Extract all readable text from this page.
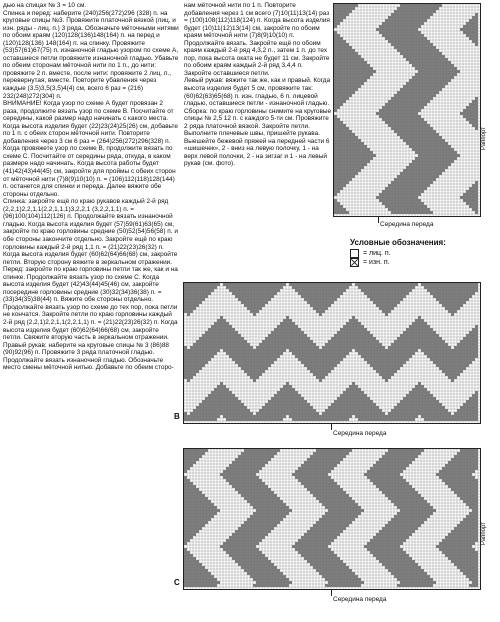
дью на спицах № 3 = 10 см.

Спинка и перед: наберите (240)256(272)296 (328) п. на круговые спицы №3. Провяжите платочной вязкой (лиц. и изн. ряды - лиц. п.) 3 ряда. Обозначьте мёточными нитями по обоим краям (120)128(136)148(164) п. на перед и (120)128(136) 148(164) п. на спинку. Провяжите (53)57(61)67(75) п. изнаночной гладью узором по схеме А, оставшиеся петли провяжите изнаночной гладью. Убавьте по обеим сторонам мёточной нити по 1 п., до нити: провяжите 2 п. вместе, после нити: провяжите 2 лиц. п., перевернутая, вместе. Повторите убавления через каждые (3,5)3,5(3,5)4(4) см, всего 6 раз = (216) 232(248)272(304) п.

ВНИМАНИЕ! Когда узор по схеме А будет провязан 2 раза, продолжите вязать узор по схеме B. Посчитайте от середины, какой размер надо начинать с какого места. Когда высота изделия будет (22)23(24)25(26) см, добавьте по 1 п. с обеих сторон мёточной нити. Повторите добавления через 3 см 6 раз = (264)256(272)296(328) п. Когда провяжете узор по схеме B, продолжите вязать по схеме С. Посчитайте от середины ряда, откуда, в каком размере надо начинать. Когда высота работы будет (41)42(43)44(45) см, закройте для проймы с обеих сторон от мёточной нити (7)8(9)10(10) п. = (106)112(118)128(144) п. останется для спинки и переда. Далее вяжите обе стороны отдельно.

Спинка: закройте ещё по краю рукавов каждый 2-й ряд (2,2,1)2,2,1,1(2,2,1,1,1)3,2,2,1 (3,2,2,1,1) п. = (96)100(104)112(126) п. Продолжайте вязать изнаночной гладью. Когда высота изделия будет (57)59(61)63(65) см, закройте по краю горловины средние (50)52(54)56(58) п. и обе стороны закончите отдельно. Закройте ещё по краю горловины каждый 2-й ряд 1,1 п. = (21)22(23)26(32) п. Когда высота изделия будет (60)62(64)66(68) см, закройте петли. Вторую сторону вяжите в зеркальном отражении.

Перед: закройте по краю горловины петли так же, как и на спинке. Продолжайте вязать узор по схеме С. Когда высота изделия будет (42)43(44)45(46) см, закройте посередине горловины средние (30)32(34)36(38) п. = (33)34(35)38(44) п. Вяжите обе стороны отдельно. Продолжайте вязать узор по схеме до тех пор, пока петли не кончатся. Закройте петли по краю горловины каждый 2-й ряд (2,2,1)2,2,1,1(2,2,1,1) п. = (21)22(23)26(32) п. Когда высота изделия будет (60)62(64)66(68) см, закройте петли. Свяжите вторую часть в зеркальном отражении.

Правый рукав: наберите на круговые спицы № 3 (86)88 (90)92(96) п. Провяжите 3 ряда платочной гладью. Продолжайте вязать изнаночной гладью. Обозначьте место смены мёточной нитью. Добавьте по обеим сторо-

нам мёточной нити по 1 п. Повторите добавления через 1 см всего (7)10(11)13(14) раз = (100)108(112)118(124) п. Когда высота изделия будет (10)11(12)13(14) см, закройте по обоим краям мёточной нити (7)8(9)10(10) п. Продолжайте вязать. Закройте ещё по обоим краям каждый 2-й ряд 4,3,2 п., затем 1 п. до тех пор, пока высота оката не будет 11 см. Закройте по обоим краям каждый 2-й ряд 3,4,4 п. Закройте оставшиеся петли.

Левый рукав: вяжите так же, как и правый. Когда высота изделия будет 5 см, провяжите так: (60)62(63)65(68) п. изн. гладью, 6 п. лицевой гладью, оставшиеся петли - изнаночной гладью.

Сборка: по краю горловины снимите на круговые спицы № 2,5 12 п. с каждого 5-ти см. Провяжите 2 ряда платочной вязкой. Закройте петли. Выполните плечевые швы, пришейте рукава. Выешейте бежевой пряжей на передней части 6 «шишечек», 2 - вниз на левую полочку, 1 - на верх левой полочки, 2 - на зигзаг и 1 - на левый рукав (см. фото).

Раппорт
Середина переда
Условные обозначения:
= лиц. п.
= изн. п.
B
Середина переда
C
Раппорт
Середина переда
